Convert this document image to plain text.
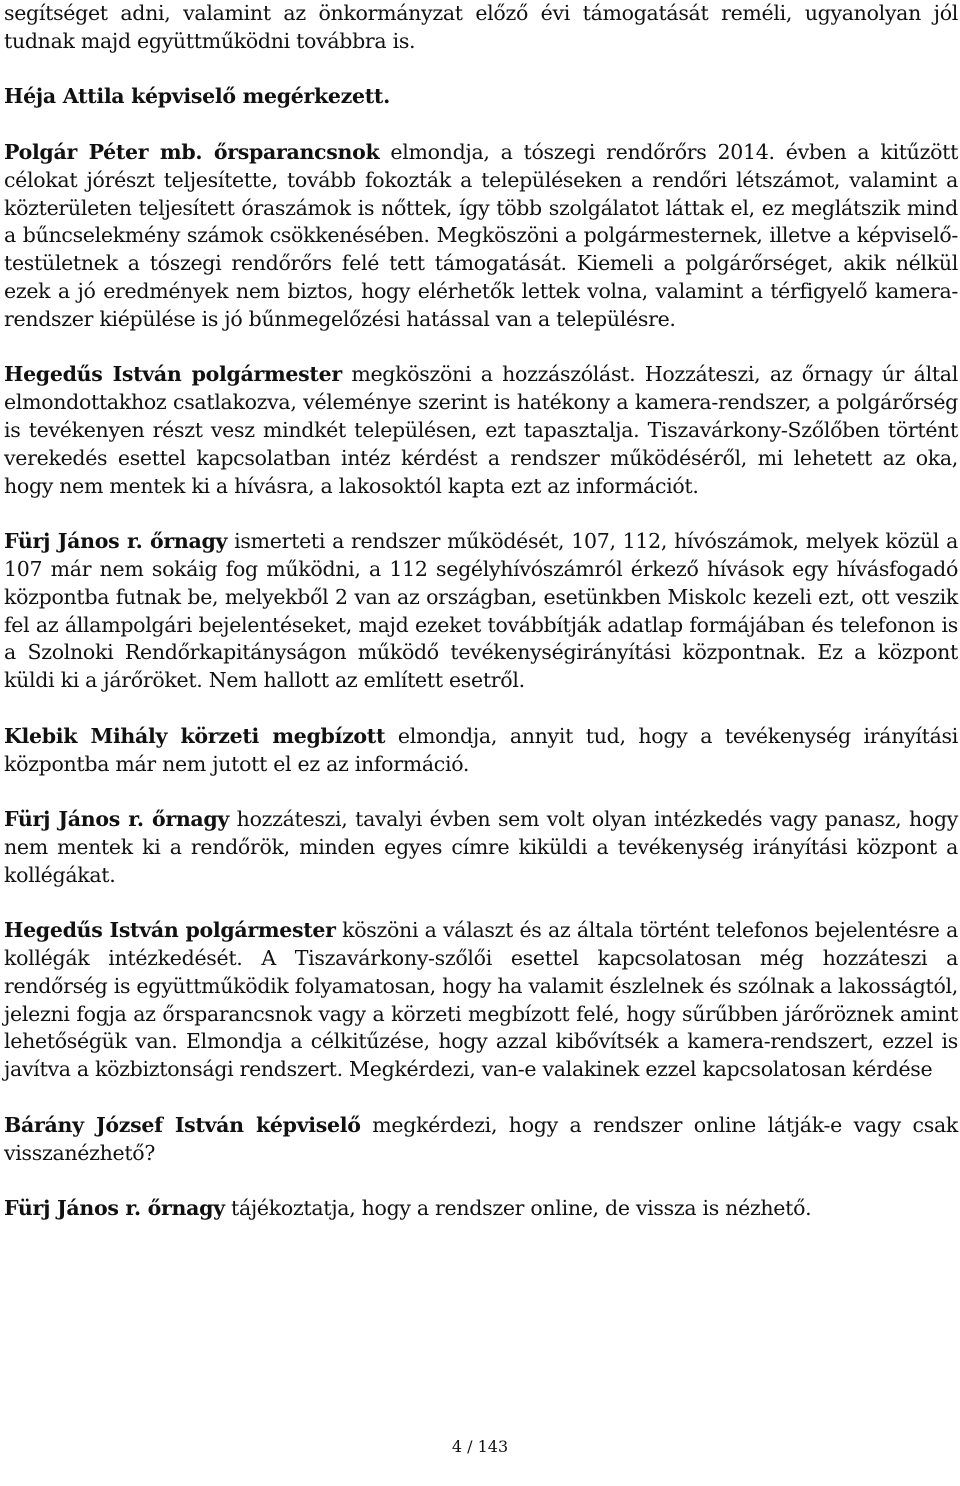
segítséget adni, valamint az önkormányzat előző évi támogatását reméli, ugyanolyan jól tudnak majd együttműködni továbbra is.

Héja Attila képviselő megérkezett.

Polgár Péter mb. őrsparancsnok elmondja, a tószegi rendőrőrs 2014. évben a kitűzött célokat jórészt teljesítette, tovább fokozták a településeken a rendőri létszámot, valamint a közterületen teljesített óraszámok is nőttek, így több szolgálatot láttak el, ez meglátszik mind a bűncselekmény számok csökkenésében. Megköszöni a polgármesternek, illetve a képviselő-testületnek a tószegi rendőrőrs felé tett támogatását. Kiemeli a polgárőrséget, akik nélkül ezek a jó eredmények nem biztos, hogy elérhetők lettek volna, valamint a térfigyelő kamera-rendszer kiépülése is jó bűnmegelőzési hatással van a településre.

Hegedűs István polgármester megköszöni a hozzászólást. Hozzáteszi, az őrnagy úr által elmondottakhoz csatlakozva, véleménye szerint is hatékony a kamera-rendszer, a polgárőrség is tevékenyen részt vesz mindkét településen, ezt tapasztalja. Tiszavárkony-Szőlőben történt verekedés esettel kapcsolatban intéz kérdést a rendszer működéséről, mi lehetett az oka, hogy nem mentek ki a hívásra, a lakosoktól kapta ezt az információt.

Fürj János r. őrnagy ismerteti a rendszer működését, 107, 112, hívószámok, melyek közül a 107 már nem sokáig fog működni, a 112 segélyhívószámról érkező hívások egy hívásfogadó központba futnak be, melyekből 2 van az országban, esetünkben Miskolc kezeli ezt, ott veszik fel az állampolgári bejelentéseket, majd ezeket továbbítják adatlap formájában és telefonon is a Szolnoki Rendőrkapitányságon működő tevékenységirányítási központnak. Ez a központ küldi ki a járőröket. Nem hallott az említett esetről.

Klebik Mihály körzeti megbízott elmondja, annyit tud, hogy a tevékenység irányítási központba már nem jutott el ez az információ.

Fürj János r. őrnagy hozzáteszi, tavalyi évben sem volt olyan intézkedés vagy panasz, hogy nem mentek ki a rendőrök, minden egyes címre kiküldi a tevékenység irányítási központ a kollégákat.

Hegedűs István polgármester köszöni a választ és az általa történt telefonos bejelentésre a kollégák intézkedését. A Tiszavárkony-szőlői esettel kapcsolatosan még hozzáteszi a rendőrség is együttműködik folyamatosan, hogy ha valamit észlelnek és szólnak a lakosságtól, jelezni fogja az őrsparancsnok vagy a körzeti megbízott felé, hogy sűrűbben járőröznek amint lehetőségük van. Elmondja a célkitűzése, hogy azzal kibővítsék a kamera-rendszert, ezzel is javítva a közbiztonsági rendszert. Megkérdezi, van-e valakinek ezzel kapcsolatosan kérdése

Bárány József István képviselő megkérdezi, hogy a rendszer online látják-e vagy csak visszanézhető?

Fürj János r. őrnagy tájékoztatja, hogy a rendszer online, de vissza is nézhető.

4 / 143
